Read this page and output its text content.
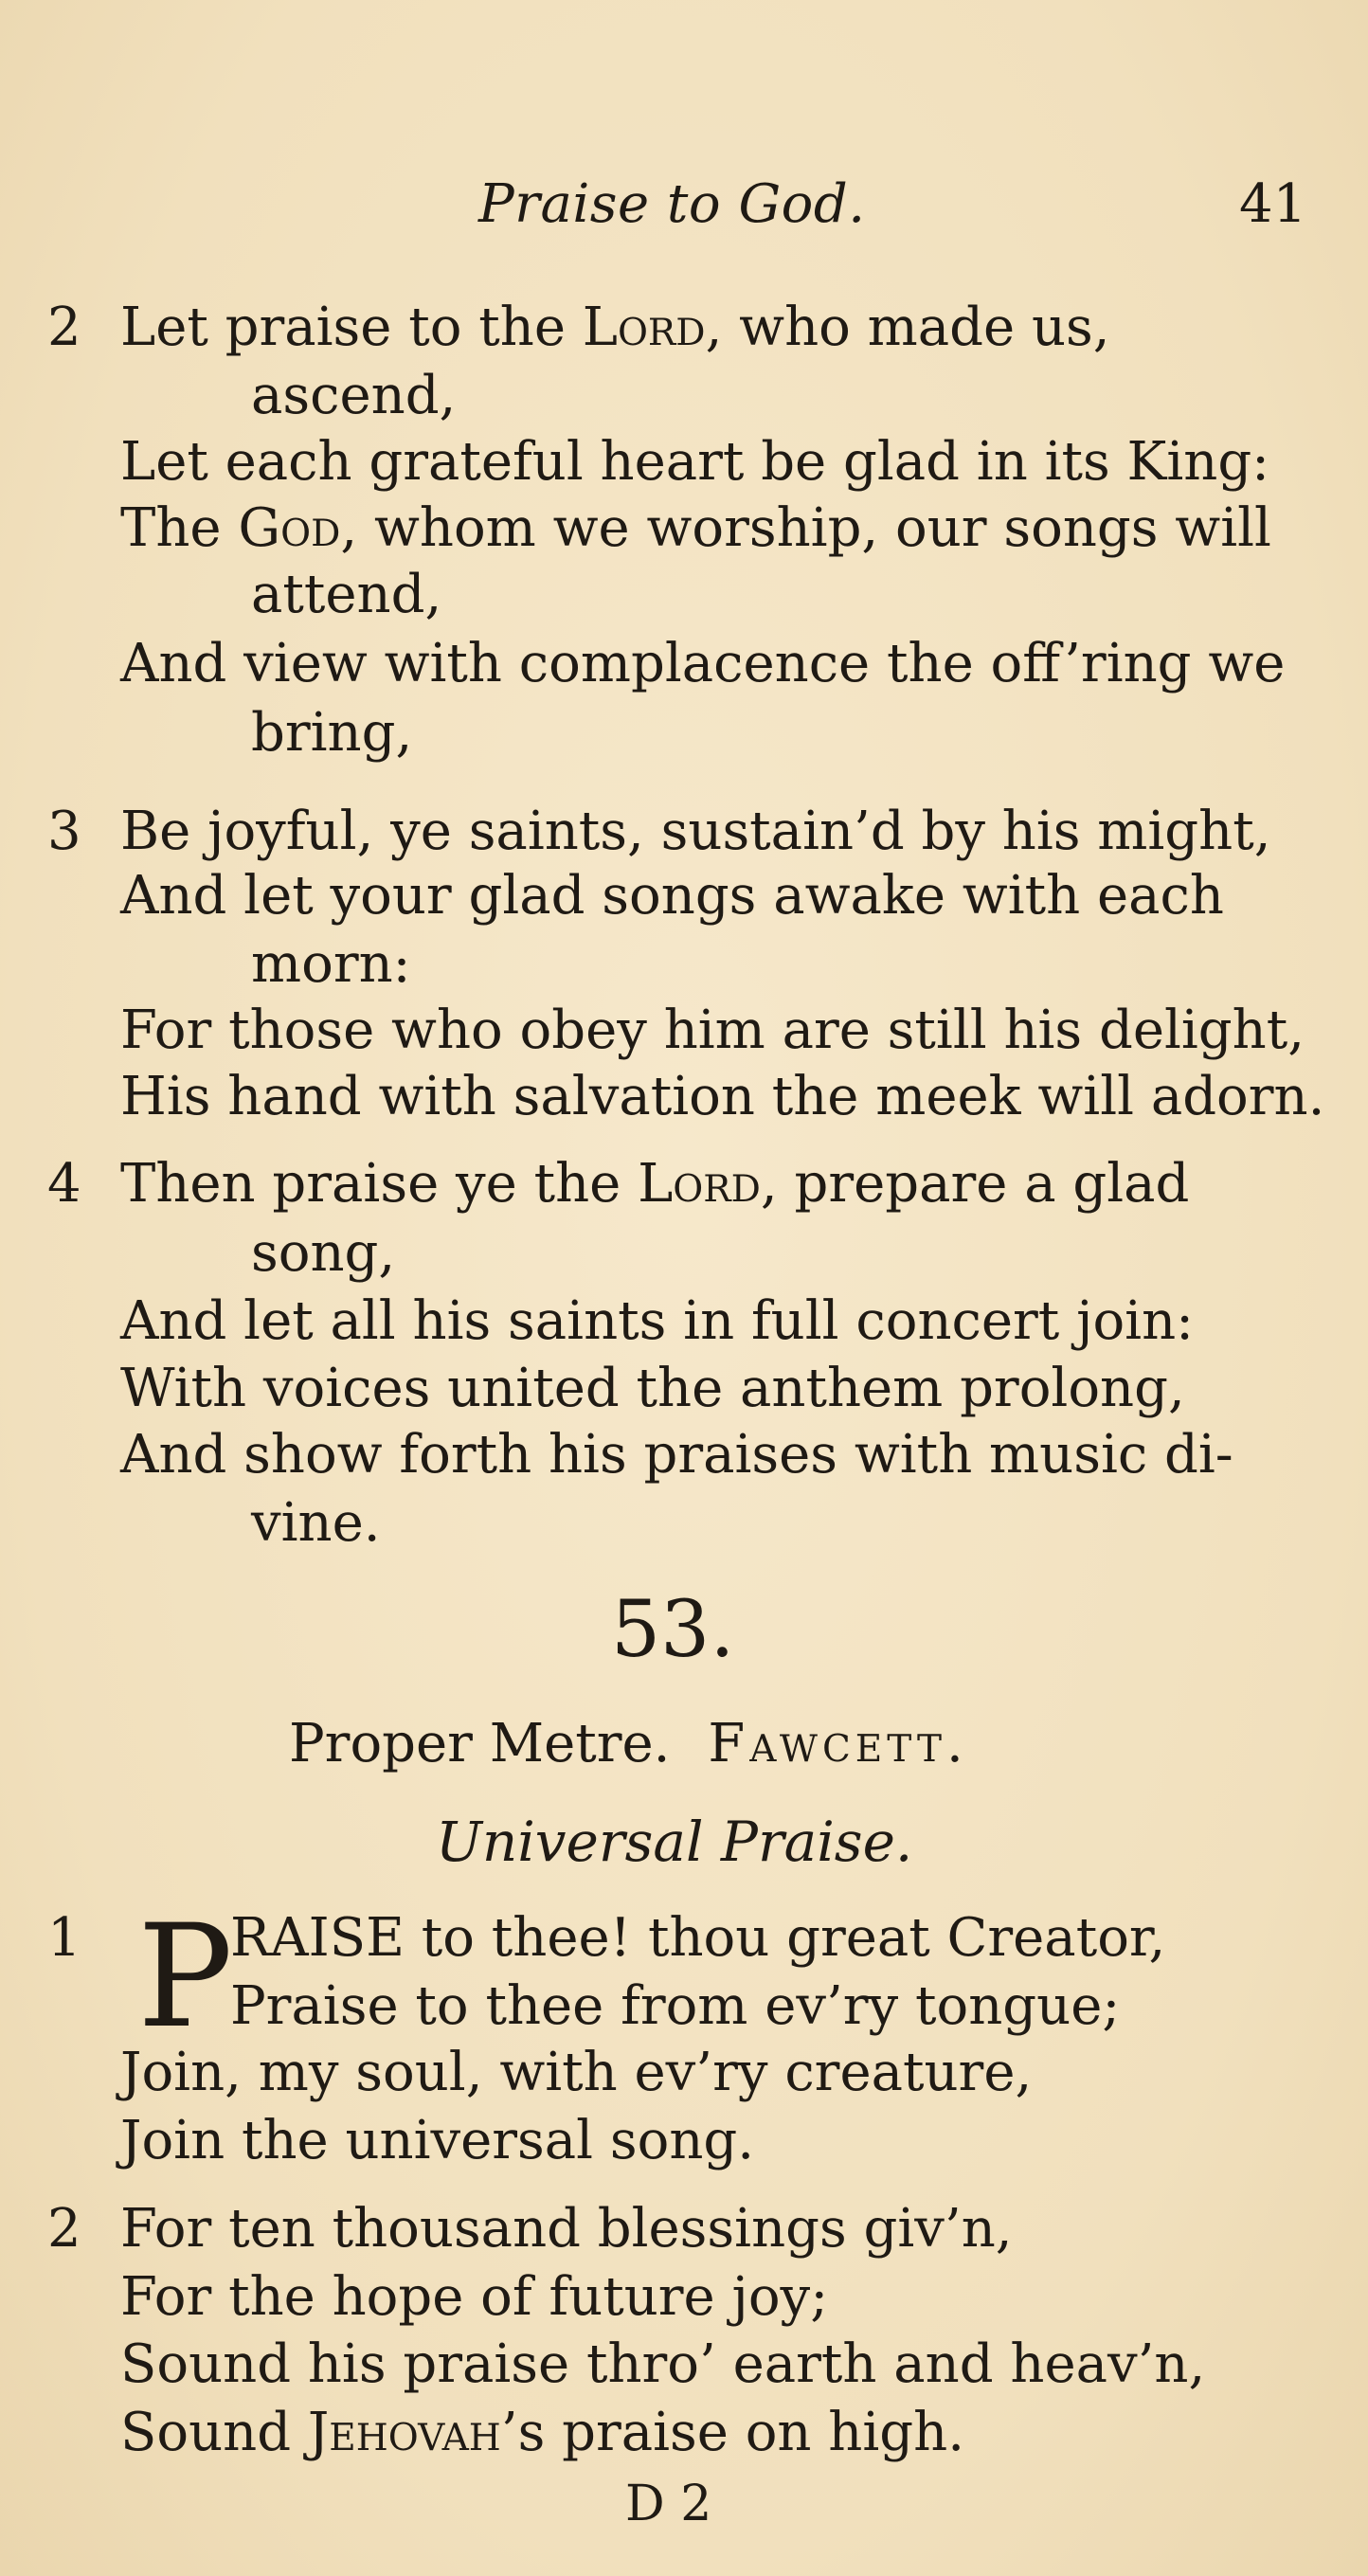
Praise to God.	41
2 Let praise to the Lord, who made us,
ascend,
Let each grateful heart be glad in its King:
The God, whom we worship, our songs will
attend,
And view with complacence the off’ring we
bring,
3 Be joyful, ye saints, sustain’d by his might,
And let your glad songs awake with each
morn:
For those who obey him are still his delight,
His hand with salvation the meek will adorn.
4 Then praise ye the Lord, prepare a glad
song,
And let all his saints in full concert join:
With voices united the anthem prolong,
And show forth his praises with music di-
vine.
53.
Proper Metre. Fawcett.
Universal Praise.
1 P
RAISE to thee! thou great Creator,
Praise to thee from ev’ry tongue;
Join, my soul, with ev’ry creature,
Join the universal song.
2 For ten thousand blessings giv’n,
For the hope of future joy;
Sound his praise thro’ earth and heav’n,
Sound Jehovah’s praise on high.
D 2
